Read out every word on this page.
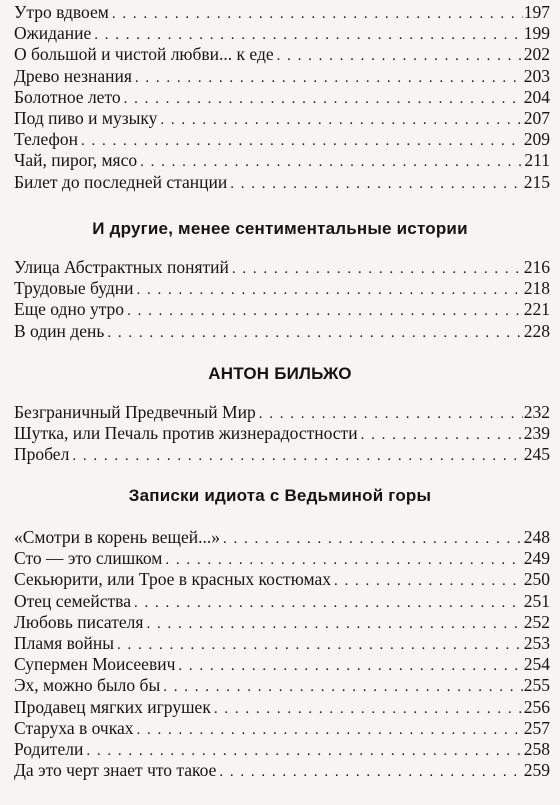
Утро вдвоем . . .	197
Ожидание . . .	199
О большой и чистой любви... к еде . . .	202
Древо незнания . . .	203
Болотное лето . . .	204
Под пиво и музыку . . .	207
Телефон . . .	209
Чай, пирог, мясо . . .	211
Билет до последней станции . . .	215
И другие, менее сентиментальные истории
Улица Абстрактных понятий . . .	216
Трудовые будни . . .	218
Еще одно утро . . .	221
В один день . . .	228
АНТОН БИЛЬЖО
Безграничный Предвечный Мир . . .	232
Шутка, или Печаль против жизнерадостности . . .	239
Пробел . . .	245
Записки идиота с Ведьминой горы
«Смотри в корень вещей...» . . .	248
Сто — это слишком . . .	249
Секьюрити, или Трое в красных костюмах . . .	250
Отец семейства . . .	251
Любовь писателя . . .	252
Пламя войны . . .	253
Супермен Моисеевич . . .	254
Эх, можно было бы . . .	255
Продавец мягких игрушек . . .	256
Старуха в очках . . .	257
Родители . . .	258
Да это черт знает что такое . . .	259
